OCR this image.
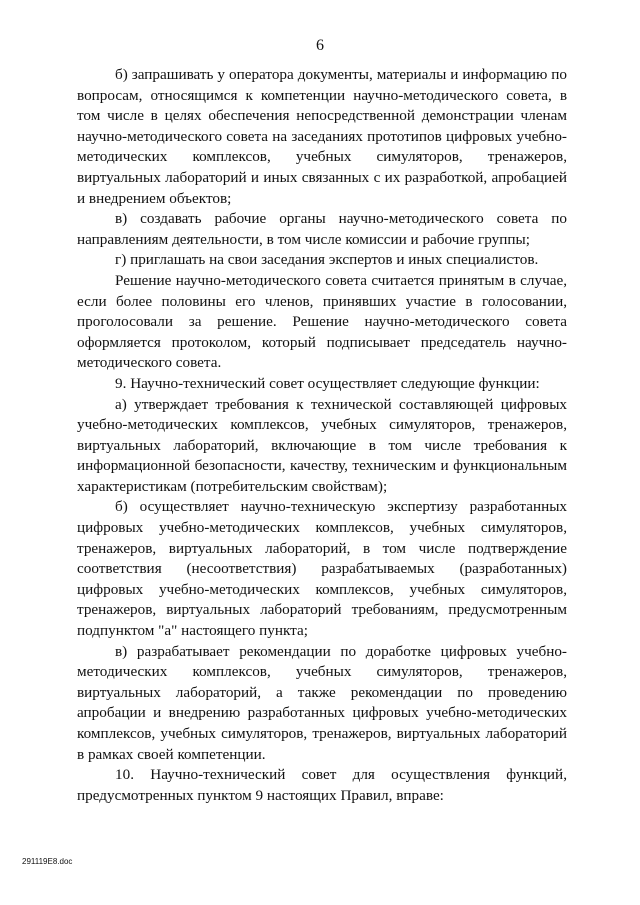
6

б) запрашивать у оператора документы, материалы и информацию по вопросам, относящимся к компетенции научно-методического совета, в том числе в целях обеспечения непосредственной демонстрации членам научно-методического совета на заседаниях прототипов цифровых учебно-методических комплексов, учебных симуляторов, тренажеров, виртуальных лабораторий и иных связанных с их разработкой, апробацией и внедрением объектов;

в) создавать рабочие органы научно-методического совета по направлениям деятельности, в том числе комиссии и рабочие группы;

г) приглашать на свои заседания экспертов и иных специалистов.

Решение научно-методического совета считается принятым в случае, если более половины его членов, принявших участие в голосовании, проголосовали за решение. Решение научно-методического совета оформляется протоколом, который подписывает председатель научно-методического совета.

9. Научно-технический совет осуществляет следующие функции:

а) утверждает требования к технической составляющей цифровых учебно-методических комплексов, учебных симуляторов, тренажеров, виртуальных лабораторий, включающие в том числе требования к информационной безопасности, качеству, техническим и функциональным характеристикам (потребительским свойствам);

б) осуществляет научно-техническую экспертизу разработанных цифровых учебно-методических комплексов, учебных симуляторов, тренажеров, виртуальных лабораторий, в том числе подтверждение соответствия (несоответствия) разрабатываемых (разработанных) цифровых учебно-методических комплексов, учебных симуляторов, тренажеров, виртуальных лабораторий требованиям, предусмотренным подпунктом "а" настоящего пункта;

в) разрабатывает рекомендации по доработке цифровых учебно-методических комплексов, учебных симуляторов, тренажеров, виртуальных лабораторий, а также рекомендации по проведению апробации и внедрению разработанных цифровых учебно-методических комплексов, учебных симуляторов, тренажеров, виртуальных лабораторий в рамках своей компетенции.

10. Научно-технический совет для осуществления функций, предусмотренных пунктом 9 настоящих Правил, вправе:

291119E8.doc
